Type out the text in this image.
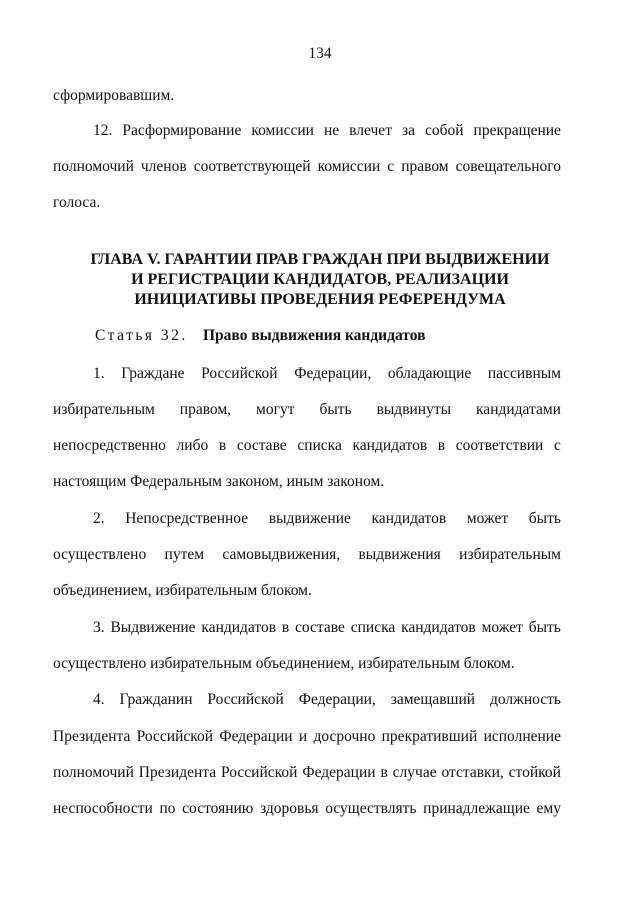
134
сформировавшим.
12. Расформирование комиссии не влечет за собой прекращение
полномочий членов соответствующей комиссии с правом совещательного
голоса.
ГЛАВА V. ГАРАНТИИ ПРАВ ГРАЖДАН ПРИ ВЫДВИЖЕНИИ
И РЕГИСТРАЦИИ КАНДИДАТОВ, РЕАЛИЗАЦИИ
ИНИЦИАТИВЫ ПРОВЕДЕНИЯ РЕФЕРЕНДУМА
Статья 32. Право выдвижения кандидатов
1. Граждане Российской Федерации, обладающие пассивным
избирательным правом, могут быть выдвинуты кандидатами
непосредственно либо в составе списка кандидатов в соответствии с
настоящим Федеральным законом, иным законом.
2. Непосредственное выдвижение кандидатов может быть
осуществлено путем самовыдвижения, выдвижения избирательным
объединением, избирательным блоком.
3. Выдвижение кандидатов в составе списка кандидатов может быть
осуществлено избирательным объединением, избирательным блоком.
4. Гражданин Российской Федерации, замещавший должность
Президента Российской Федерации и досрочно прекративший исполнение
полномочий Президента Российской Федерации в случае отставки, стойкой
неспособности по состоянию здоровья осуществлять принадлежащие ему
